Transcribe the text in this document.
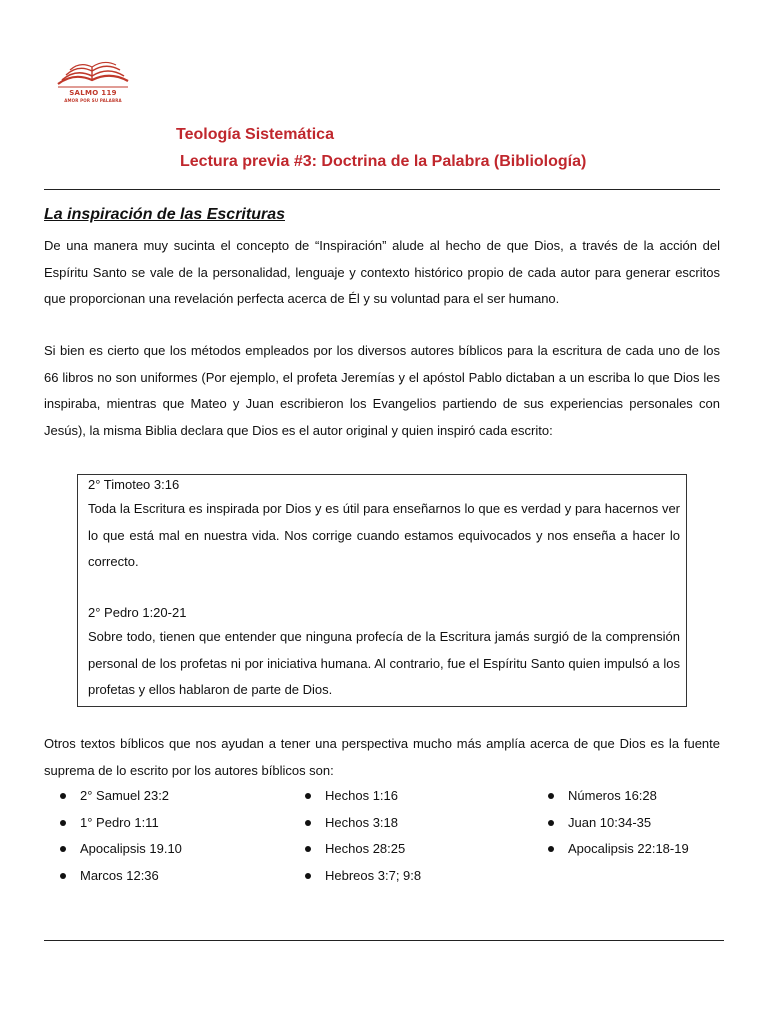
SALMO 119
AMOR POR SU PALABRA
Teología Sistemática
Lectura previa #3: Doctrina de la Palabra (Bibliología)
La inspiración de las Escrituras

De una manera muy sucinta el concepto de “Inspiración” alude al hecho de que Dios, a través de la acción del Espíritu Santo se vale de la personalidad, lenguaje y contexto histórico propio de cada autor para generar escritos que proporcionan una revelación perfecta acerca de Él y su voluntad para el ser humano.

Si bien es cierto que los métodos empleados por los diversos autores bíblicos para la escritura de cada uno de los 66 libros no son uniformes (Por ejemplo, el profeta Jeremías y el apóstol Pablo dictaban a un escriba lo que Dios les inspiraba, mientras que Mateo y Juan escribieron los Evangelios partiendo de sus experiencias personales con Jesús), la misma Biblia declara que Dios es el autor original y quien inspiró cada escrito:

2° Timoteo 3:16

Toda la Escritura es inspirada por Dios y es útil para enseñarnos lo que es verdad y para hacernos ver lo que está mal en nuestra vida. Nos corrige cuando estamos equivocados y nos enseña a hacer lo correcto.

2° Pedro 1:20-21

Sobre todo, tienen que entender que ninguna profecía de la Escritura jamás surgió de la comprensión personal de los profetas ni por iniciativa humana. Al contrario, fue el Espíritu Santo quien impulsó a los profetas y ellos hablaron de parte de Dios.

Otros textos bíblicos que nos ayudan a tener una perspectiva mucho más amplía acerca de que Dios es la fuente suprema de lo escrito por los autores bíblicos son:

2° Samuel 23:2
1° Pedro 1:11
Apocalipsis 19.10
Marcos 12:36
Hechos 1:16
Hechos 3:18
Hechos 28:25
Hebreos 3:7; 9:8
Números 16:28
Juan 10:34-35
Apocalipsis 22:18-19
